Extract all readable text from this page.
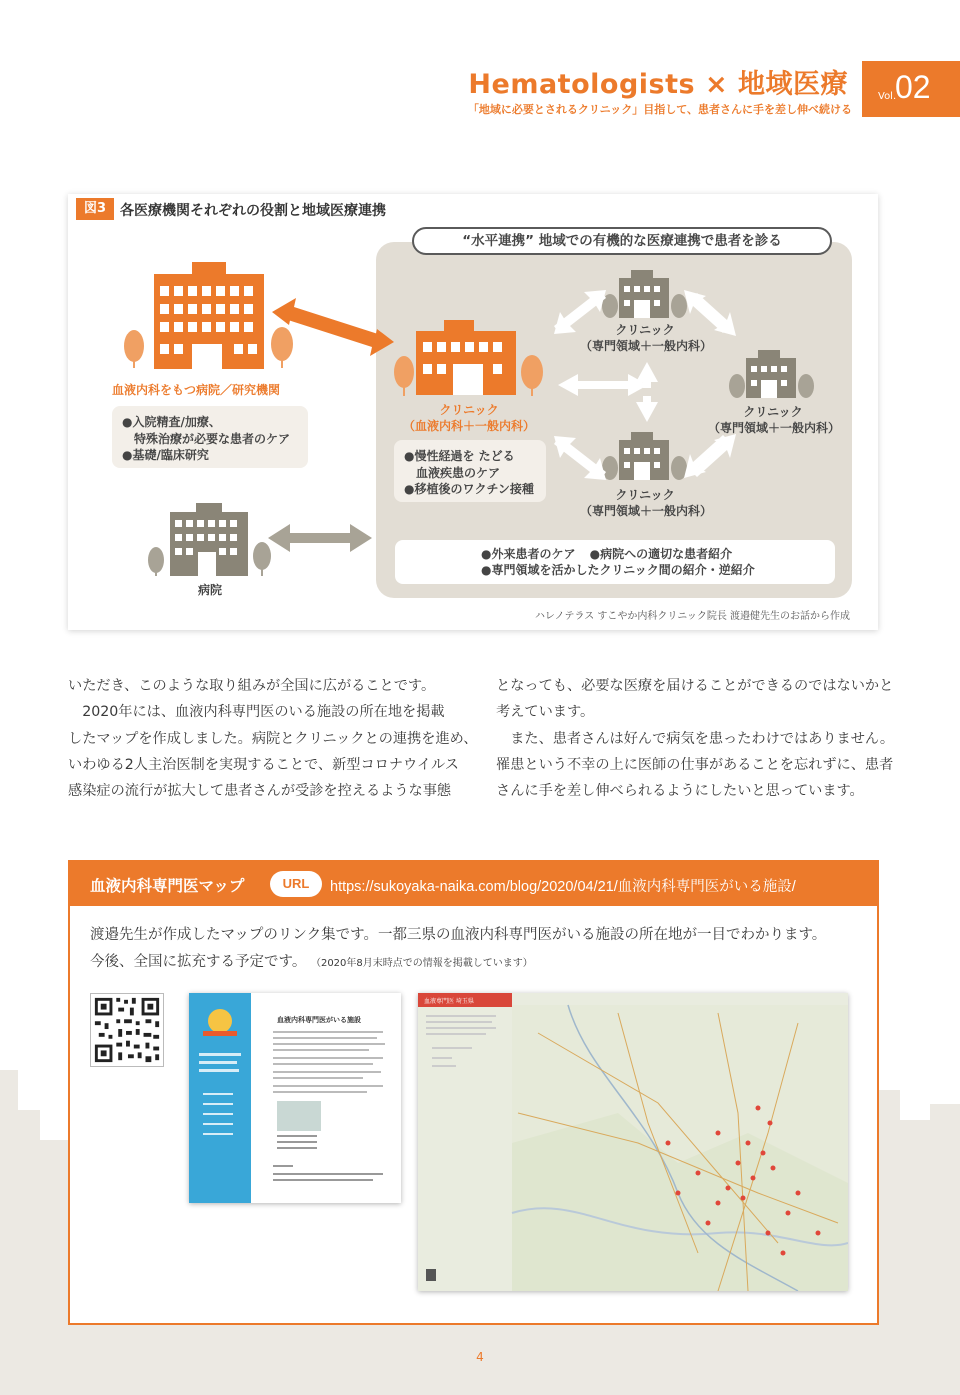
Hematologists × 地域医療
「地域に必要とされるクリニック」目指して、患者さんに手を差し伸べ続ける
Vol.
02
図3 各医療機関それぞれの役割と地域医療連携
“水平連携” 地域での有機的な医療連携で患者を診る
血液内科をもつ病院／研究機関
●入院精査/加療、
特殊治療が必要な患者のケア
●基礎/臨床研究
クリニック
（血液内科＋一般内科）
●慢性経過を たどる
血液疾患のケア
●移植後のワクチン接種
クリニック
（専門領域＋一般内科）
クリニック
（専門領域＋一般内科）
クリニック
（専門領域＋一般内科）
病院
●外来患者のケア ●病院への適切な患者紹介
●専門領域を活かしたクリニック間の紹介・逆紹介
ハレノテラス すこやか内科クリニック院長 渡邉健先生のお話から作成

いただき、このような取り組みが全国に広がることです。

2020年には、血液内科専門医のいる施設の所在地を掲載

したマップを作成しました。病院とクリニックとの連携を進め、

いわゆる2人主治医制を実現することで、新型コロナウイルス

感染症の流行が拡大して患者さんが受診を控えるような事態

となっても、必要な医療を届けることができるのではないかと

考えています。

また、患者さんは好んで病気を患ったわけではありません。

罹患という不幸の上に医師の仕事があることを忘れずに、患者

さんに手を差し伸べられるようにしたいと思っています。

血液内科専門医マップ	URL	https://sukoyaka-naika.com/blog/2020/04/21/血液内科専門医がいる施設/
渡邉先生が作成したマップのリンク集です。一都三県の血液内科専門医がいる施設の所在地が一目でわかります。
今後、全国に拡充する予定です。 （2020年8月末時点での情報を掲載しています）
血液内科専門医がいる施設
血液専門医 埼玉県
4
